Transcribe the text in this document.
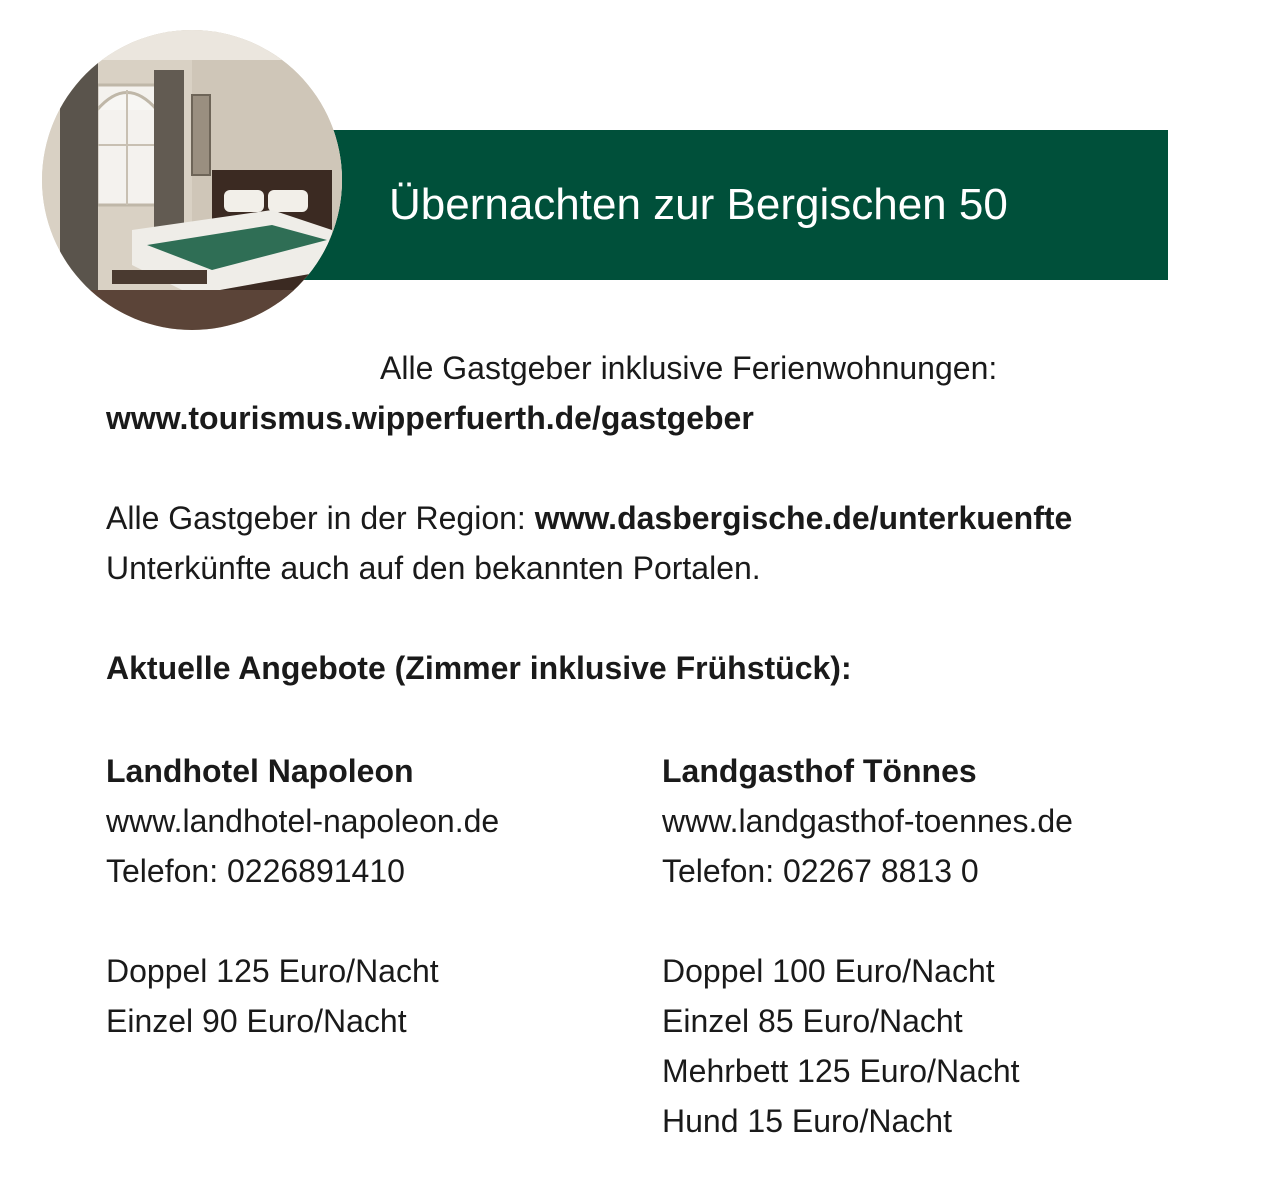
Übernachten zur Bergischen 50
Alle Gastgeber inklusive Ferienwohnungen:
www.tourismus.wipperfuerth.de/gastgeber
Alle Gastgeber in der Region: www.dasbergische.de/unterkuenfte
Unterkünfte auch auf den bekannten Portalen.
Aktuelle Angebote (Zimmer inklusive Frühstück):
Landhotel Napoleon
www.landhotel-napoleon.de
Telefon: 0226891410
Doppel 125 Euro/Nacht
Einzel 90 Euro/Nacht
Landgasthof Tönnes
www.landgasthof-toennes.de
Telefon: 02267 8813 0
Doppel 100 Euro/Nacht
Einzel 85 Euro/Nacht
Mehrbett 125 Euro/Nacht
Hund 15 Euro/Nacht
